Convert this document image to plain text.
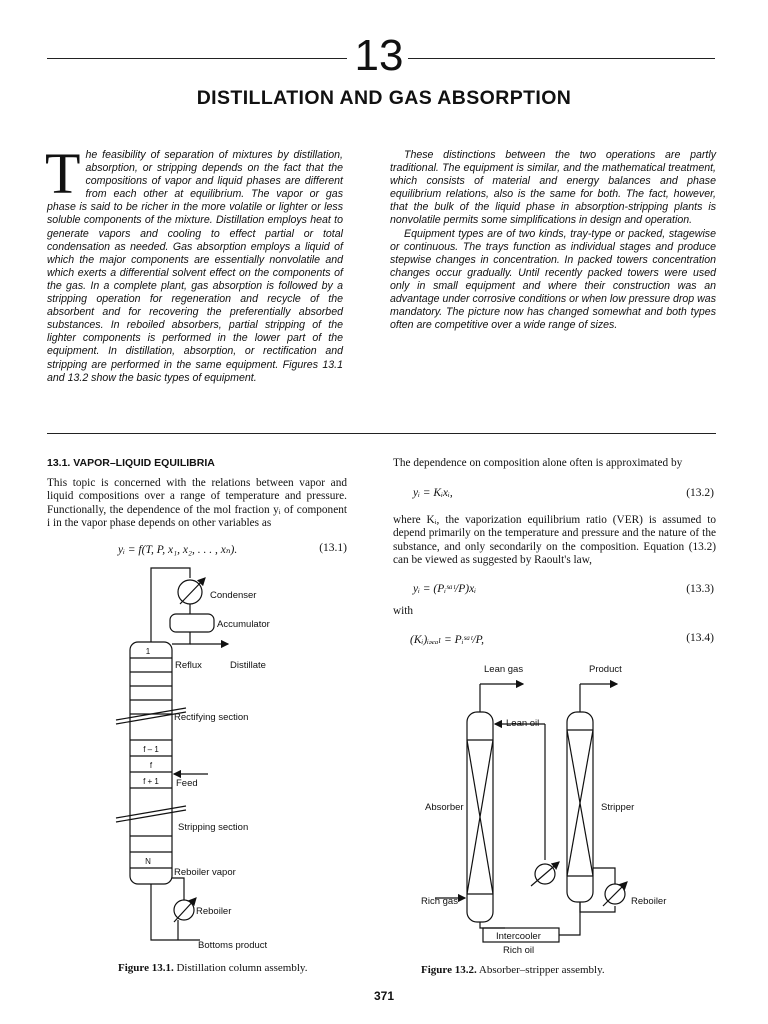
13
DISTILLATION AND GAS ABSORPTION
The feasibility of separation of mixtures by distillation, absorption, or stripping depends on the fact that the compositions of vapor and liquid phases are different from each other at equilibrium. The vapor or gas phase is said to be richer in the more volatile or lighter or less soluble components of the mixture. Distillation employs heat to generate vapors and cooling to effect partial or total condensation as needed. Gas absorption employs a liquid of which the major components are essentially nonvolatile and which exerts a differential solvent effect on the components of the gas. In a complete plant, gas absorption is followed by a stripping operation for regeneration and recycle of the absorbent and for recovering the preferentially absorbed substances. In reboiled absorbers, partial stripping of the lighter components is performed in the lower part of the equipment. In distillation, absorption, or rectification and stripping are performed in the same equipment. Figures 13.1 and 13.2 show the basic types of equipment.

These distinctions between the two operations are partly traditional. The equipment is similar, and the mathematical treatment, which consists of material and energy balances and phase equilibrium relations, also is the same for both. The fact, however, that the bulk of the liquid phase in absorption-stripping plants is nonvolatile permits some simplifications in design and operation.

Equipment types are of two kinds, tray-type or packed, stagewise or continuous. The trays function as individual stages and produce stepwise changes in concentration. In packed towers concentration changes occur gradually. Until recently packed towers were used only in small equipment and where their construction was an advantage under corrosive conditions or when low pressure drop was mandatory. The picture now has changed somewhat and both types often are competitive over a wide range of sizes.

13.1. VAPOR–LIQUID EQUILIBRIA
This topic is concerned with the relations between vapor and liquid compositions over a range of temperature and pressure. Functionally, the dependence of the mol fraction yᵢ of component i in the vapor phase depends on other variables as
yᵢ = f(T, P, x₁, x₂, . . . , xₙ).	(13.1)
The dependence on composition alone often is approximated by
yᵢ = Kᵢxᵢ,	(13.2)
where Kᵢ, the vaporization equilibrium ratio (VER) is assumed to depend primarily on the temperature and pressure and the nature of the substance, and only secondarily on the composition. Equation (13.2) can be viewed as suggested by Raoult's law,
yᵢ = (Pᵢˢᵃᵗ/P)xᵢ	(13.3)
with
(Kᵢ)ᵢₔₑₐₗ = Pᵢˢᵃᵗ/P,	(13.4)
Condenser
Accumulator
Reflux	Distillate
Rectifying section
Feed
Stripping section
Reboiler vapor
Reboiler
Bottoms product
1
f – 1
f
f + 1
N
Lean gas	Product
Lean oil
Absorber	Stripper
Rich gas	Reboiler
Intercooler
Rich oil
Figure 13.1. Distillation column assembly.	Figure 13.2. Absorber–stripper assembly.
371
